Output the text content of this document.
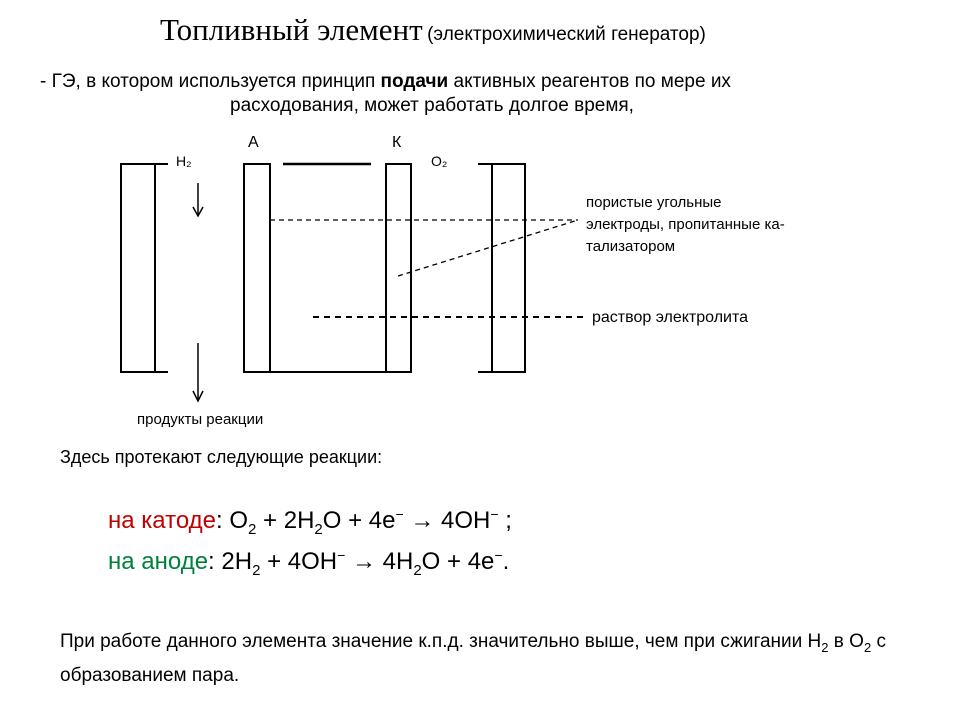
Топливный элемент (электрохимический генератор)
- ГЭ, в котором используется принцип подачи активных реагентов по мере их
расходования, может работать долгое время,
А	К
H₂	O₂
продукты реакции
пористые угольные
электроды, пропитанные ка-
тализатором
раствор электролита
Здесь протекают следующие реакции:
на катоде: $O_2 + 2H_2O + 4e^- \to 4OH^-$ ;
на аноде: $2H_2 + 4OH^- \to 4H_2O + 4e^-$.
При работе данного элемента значение к.п.д. значительно выше, чем при сжигании $H_2$ в $O_2$ с образованием пара.
